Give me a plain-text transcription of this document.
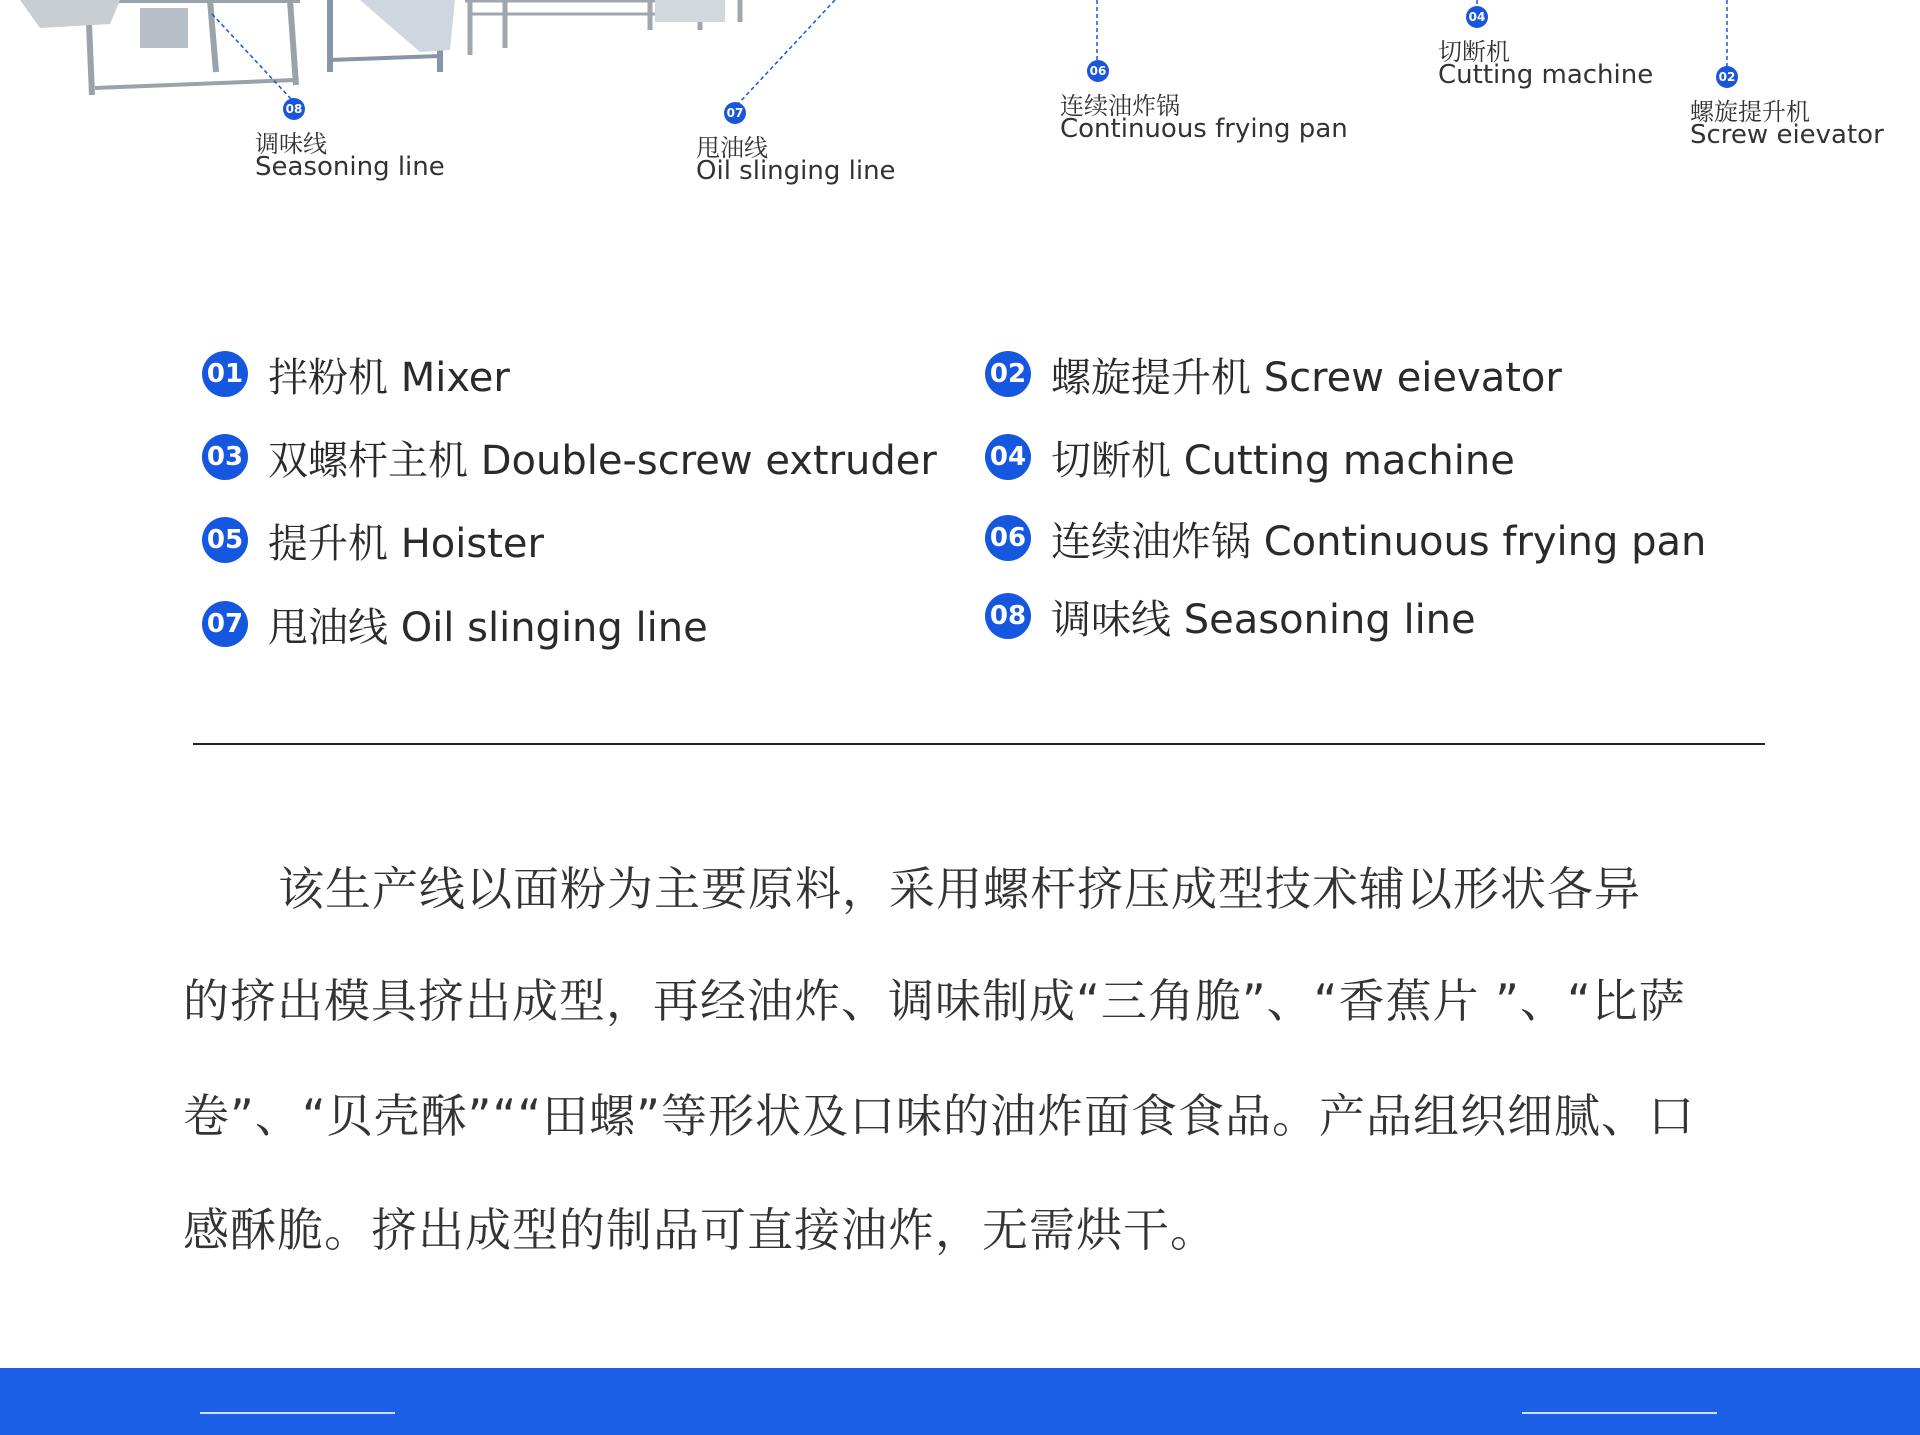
08
调味线
Seasoning line
07
甩油线
Oil slinging line
06
连续油炸锅
Continuous frying pan
04
切断机
Cutting machine	02
螺旋提升机
Screw eievator
01 拌粉机 Mixer	02 螺旋提升机 Screw eievator
03 双螺杆主机 Double-screw extruder 04 切断机 Cutting machine
05 提升机 Hoister	06 连续油炸锅 Continuous frying pan
07 甩油线 Oil slinging line	08 调味线 Seasoning line
该生产线以面粉为主要原料，采用螺杆挤压成型技术辅以形状各异
的挤出模具挤出成型，再经油炸、调味制成“三角脆”、“香蕉片 ”、“比萨
卷”、“贝壳酥”““田螺”等形状及口味的油炸面食食品。产品组织细腻、口
感酥脆。挤出成型的制品可直接油炸，无需烘干。
